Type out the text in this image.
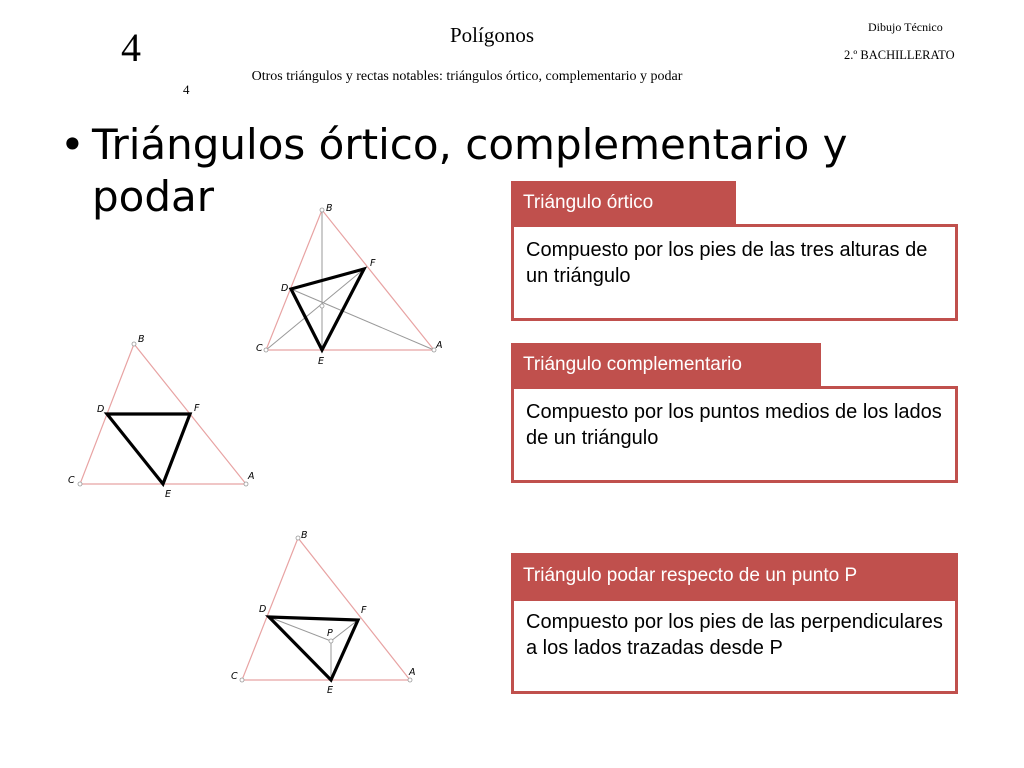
4
4
Polígonos
Otros triángulos y rectas notables: triángulos órtico, complementario y podar
Dibujo Técnico
2.º BACHILLERATO
• Triángulos órtico, complementario y
podar
Compuesto por los pies de las tres alturas de un triángulo
Triángulo órtico
Compuesto por los puntos medios de los lados de un triángulo
Triángulo complementario
Compuesto por los pies de las perpendiculares a los lados trazadas desde P
Triángulo podar respecto de un punto P
B
F
D
C	A
E
B
D	F
C	A
E
B
D	F
P
C	A
E
